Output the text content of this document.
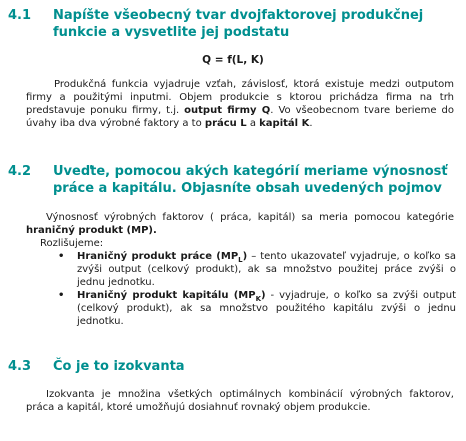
4.1 Napíšte všeobecný tvar dvojfaktorovej produkčnej funkcie a vysvetlite jej podstatu
Q = f(L, K)
Produkčná funkcia vyjadruje vzťah, závislosť, ktorá existuje medzi outputom firmy a použitými inputmi. Objem produkcie s ktorou prichádza firma na trh predstavuje ponuku firmy, t.j. output firmy Q. Vo všeobecnom tvare berieme do úvahy iba dva výrobné faktory a to prácu L a kapitál K.
4.2 Uveďte, pomocou akých kategórií meriame výnosnosť práce a kapitálu. Objasníte obsah uvedených pojmov
Výnosnosť výrobných faktorov ( práca, kapitál) sa meria pomocou kategórie hraničný produkt (MP).
Rozlišujeme:
• Hraničný produkt práce $(MP_L)$ – tento ukazovateľ vyjadruje, o koľko sa zvýši output (celkový produkt), ak sa množstvo použitej práce zvýši o jednu jednotku.
• Hraničný produkt kapitálu $(MP_K)$ - vyjadruje, o koľko sa zvýši output (celkový produkt), ak sa množstvo použitého kapitálu zvýši o jednu jednotku.
4.3 Čo je to izokvanta
Izokvanta je množina všetkých optimálnych kombinácií výrobných faktorov, práca a kapitál, ktoré umožňujú dosiahnuť rovnaký objem produkcie.
